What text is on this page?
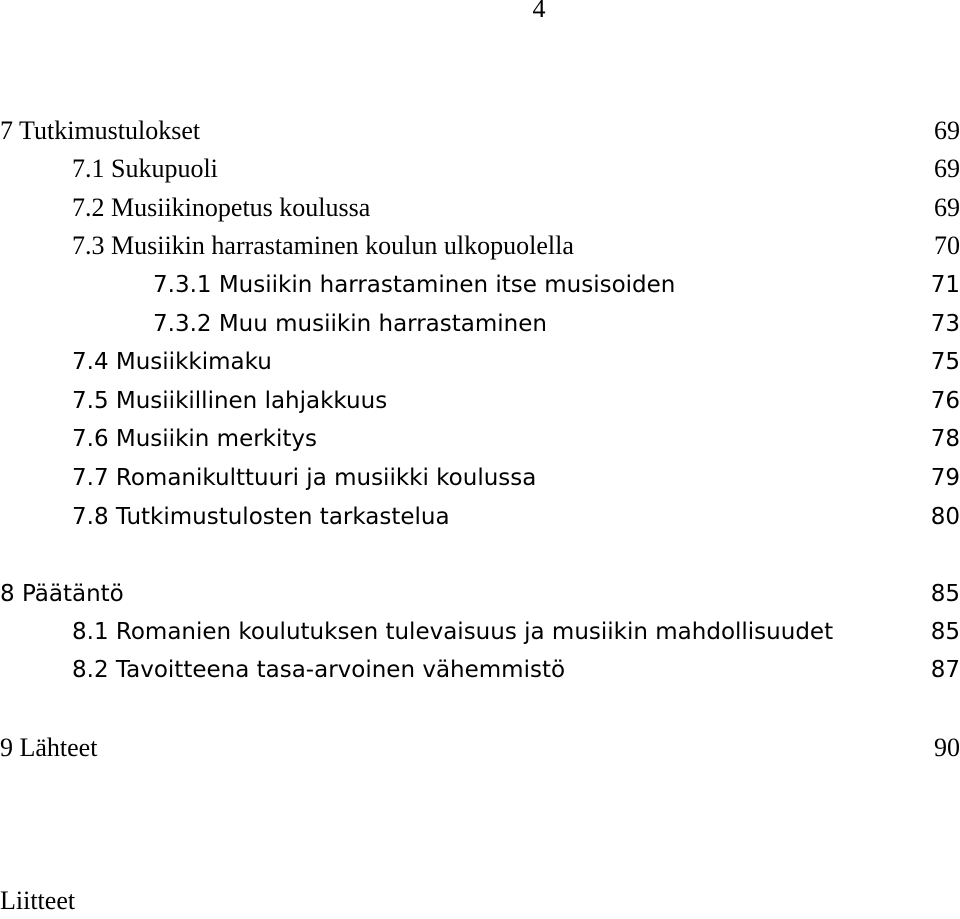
4
7 Tutkimustulokset	69
7.1 Sukupuoli	69
7.2 Musiikinopetus koulussa	69
7.3 Musiikin harrastaminen koulun ulkopuolella	70
7.3.1 Musiikin harrastaminen itse musisoiden	71
7.3.2 Muu musiikin harrastaminen	73
7.4 Musiikkimaku	75
7.5 Musiikillinen lahjakkuus	76
7.6 Musiikin merkitys	78
7.7 Romanikulttuuri ja musiikki koulussa	79
7.8 Tutkimustulosten tarkastelua	80
8 Päätäntö	85
8.1 Romanien koulutuksen tulevaisuus ja musiikin mahdollisuudet	85
8.2 Tavoitteena tasa-arvoinen vähemmistö	87
9 Lähteet	90
Liitteet
